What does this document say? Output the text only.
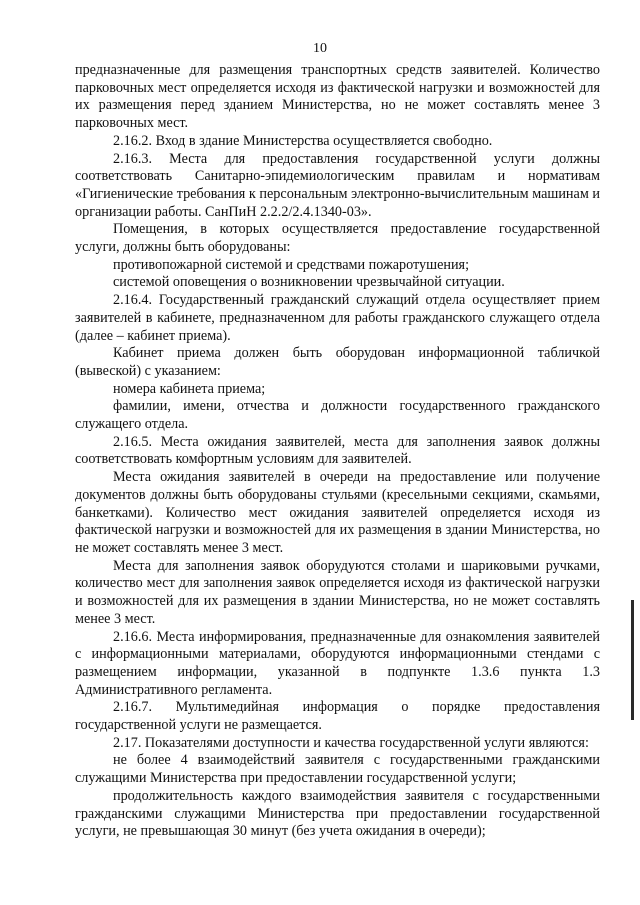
10

предназначенные для размещения транспортных средств заявителей. Количество парковочных мест определяется исходя из фактической нагрузки и возможностей для их размещения перед зданием Министерства, но не может составлять менее 3 парковочных мест.

2.16.2. Вход в здание Министерства осуществляется свободно.

2.16.3. Места для предоставления государственной услуги должны соответствовать Санитарно-эпидемиологическим правилам и нормативам «Гигиенические требования к персональным электронно-вычислительным машинам и организации работы. СанПиН 2.2.2/2.4.1340-03».

Помещения, в которых осуществляется предоставление государственной услуги, должны быть оборудованы:

противопожарной системой и средствами пожаротушения;

системой оповещения о возникновении чрезвычайной ситуации.

2.16.4. Государственный гражданский служащий отдела осуществляет прием заявителей в кабинете, предназначенном для работы гражданского служащего отдела (далее – кабинет приема).

Кабинет приема должен быть оборудован информационной табличкой (вывеской) с указанием:

номера кабинета приема;

фамилии, имени, отчества и должности государственного гражданского служащего отдела.

2.16.5. Места ожидания заявителей, места для заполнения заявок должны соответствовать комфортным условиям для заявителей.

Места ожидания заявителей в очереди на предоставление или получение документов должны быть оборудованы стульями (кресельными секциями, скамьями, банкетками). Количество мест ожидания заявителей определяется исходя из фактической нагрузки и возможностей для их размещения в здании Министерства, но не может составлять менее 3 мест.

Места для заполнения заявок оборудуются столами и шариковыми ручками, количество мест для заполнения заявок определяется исходя из фактической нагрузки и возможностей для их размещения в здании Министерства, но не может составлять менее 3 мест.

2.16.6. Места информирования, предназначенные для ознакомления заявителей с информационными материалами, оборудуются информационными стендами с размещением информации, указанной в подпункте 1.3.6 пункта 1.3 Административного регламента.

2.16.7. Мультимедийная информация о порядке предоставления государственной услуги не размещается.

2.17. Показателями доступности и качества государственной услуги являются:

не более 4 взаимодействий заявителя с государственными гражданскими служащими Министерства при предоставлении государственной услуги;

продолжительность каждого взаимодействия заявителя с государственными гражданскими служащими Министерства при предоставлении государственной услуги, не превышающая 30 минут (без учета ожидания в очереди);
